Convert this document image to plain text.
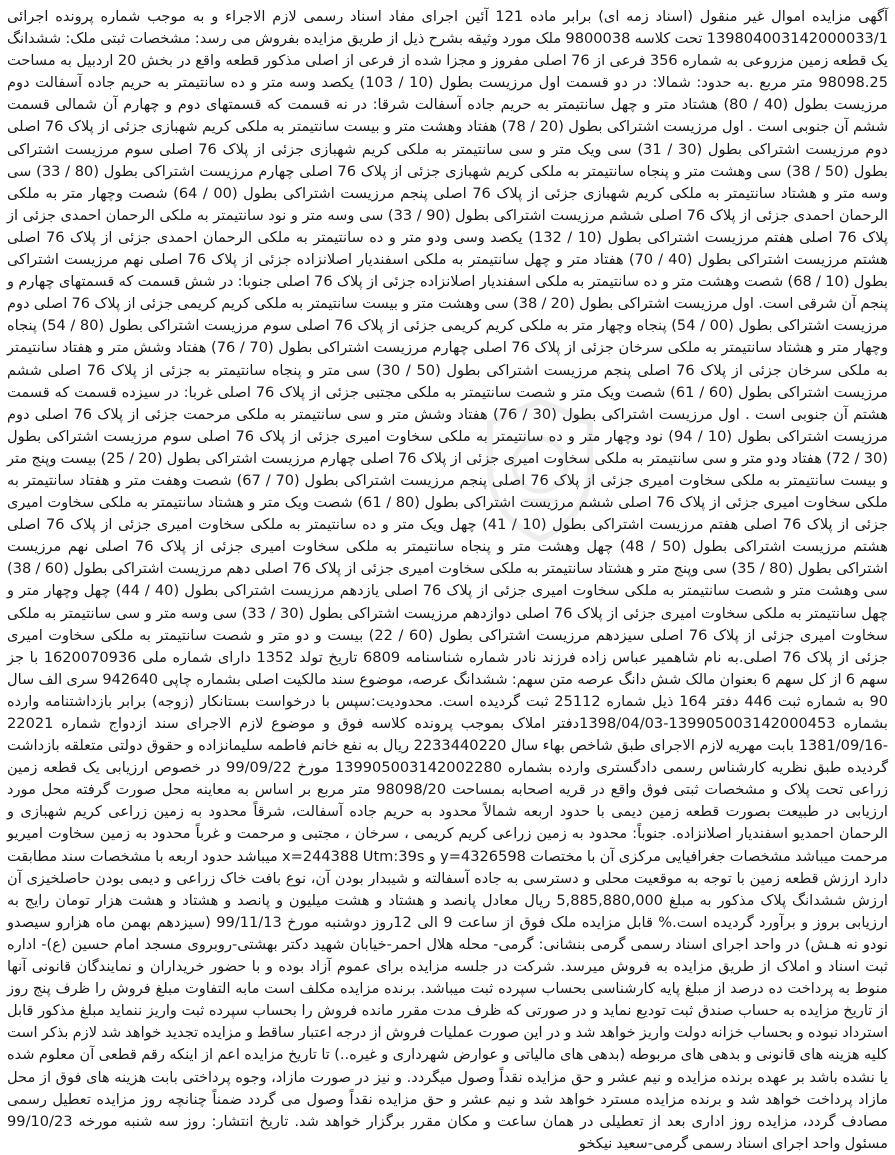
آگهی مزایده اموال غیر منقول (اسناد زمه ای) برابر ماده 121 آئین اجرای مفاد اسناد رسمی لازم الاجراء و به موجب شماره پرونده اجرائی 139804003142000033/1 تحت کلاسه 9800038 ملک مورد وثیقه بشرح ذیل از طریق مزایده بفروش می رسد: مشخصات ثبتی ملک: ششدانگ یک قطعه زمین مزروعی به شماره 356 فرعی از 76 اصلی مفروز و مجزا شده از فرعی از اصلی مذکور قطعه واقع در بخش 20 اردبیل به مساحت 98098.25 متر مربع .به حدود: شمالا: در دو قسمت اول مرزیست بطول (10 / 103) یکصد وسه متر و ده سانتیمتر به حریم جاده آسفالت دوم مرزیست بطول (40 / 80) هشتاد متر و چهل سانتیمتر به حریم جاده آسفالت شرقا: در نه قسمت که قسمتهای دوم و چهارم آن شمالی قسمت ششم آن جنوبی است . اول مرزیست اشتراکی بطول (20 / 78) هفتاد وهشت متر و بیست سانتیمتر به ملکی کریم شهبازی جزئی از پلاک 76 اصلی دوم مرزیست اشتراکی بطول (30 / 31) سی ویک متر و سی سانتیمتر به ملکی کریم شهبازی جزئی از پلاک 76 اصلی سوم مرزیست اشتراکی بطول (50 / 38) سی وهشت متر و پنجاه سانتیمتر به ملکی کریم شهبازی جزئی از پلاک 76 اصلی چهارم مرزیست اشتراکی بطول (80 / 33) سی وسه متر و هشتاد سانتیمتر به ملکی کریم شهبازی جزئی از پلاک 76 اصلی پنجم مرزیست اشتراکی بطول (00 / 64) شصت وچهار متر به ملکی الرحمان احمدی جزئی از پلاک 76 اصلی ششم مرزیست اشتراکی بطول (90 / 33) سی وسه متر و نود سانتیمتر به ملکی الرحمان احمدی جزئی از پلاک 76 اصلی هفتم مرزیست اشتراکی بطول (10 / 132) یکصد وسی ودو متر و ده سانتیمتر به ملکی الرحمان احمدی جزئی از پلاک 76 اصلی هشتم مرزیست اشتراکی بطول (40 / 70) هفتاد متر و چهل سانتیمتر به ملکی اسفندیار اصلانزاده جزئی از پلاک 76 اصلی نهم مرزیست اشتراکی بطول (10 / 68) شصت وهشت متر و ده سانتیمتر به ملکی اسفندیار اصلانزاده جزئی از پلاک 76 اصلی جنوبا: در شش قسمت که قسمتهای چهارم و پنجم آن شرقی است. اول مرزیست اشتراکی بطول (20 / 38) سی وهشت متر و بیست سانتیمتر به ملکی کریم کریمی جزئی از پلاک 76 اصلی دوم مرزیست اشتراکی بطول (00 / 54) پنجاه وچهار متر به ملکی کریم کریمی جزئی از پلاک 76 اصلی سوم مرزیست اشتراکی بطول (80 / 54) پنجاه وچهار متر و هشتاد سانتیمتر به ملکی سرخان جزئی از پلاک 76 اصلی چهارم مرزیست اشتراکی بطول (70 / 76) هفتاد وشش متر و هفتاد سانتیمتر به ملکی سرخان جزئی از پلاک 76 اصلی پنجم مرزیست اشتراکی بطول (50 / 30) سی متر و پنجاه سانتیمتر به جزئی از پلاک 76 اصلی ششم مرزیست اشتراکی بطول (60 / 61) شصت ویک متر و شصت سانتیمتر به ملکی مجتبی جزئی از پلاک 76 اصلی غربا: در سیزده قسمت که قسمت هشتم آن جنوبی است . اول مرزیست اشتراکی بطول (30 / 76) هفتاد وشش متر و سی سانتیمتر به ملکی مرحمت جزئی از پلاک 76 اصلی دوم مرزیست اشتراکی بطول (10 / 94) نود وچهار متر و ده سانتیمتر به ملکی سخاوت امیری جزئی از پلاک 76 اصلی سوم مرزیست اشتراکی بطول (30 / 72) هفتاد ودو متر و سی سانتیمتر به ملکی سخاوت امیری جزئی از پلاک 76 اصلی چهارم مرزیست اشتراکی بطول (20 / 25) بیست وپنج متر و بیست سانتیمتر به ملکی سخاوت امیری جزئی از پلاک 76 اصلی پنجم مرزیست اشتراکی بطول (70 / 67) شصت وهفت متر و هفتاد سانتیمتر به ملکی سخاوت امیری جزئی از پلاک 76 اصلی ششم مرزیست اشتراکی بطول (80 / 61) شصت ویک متر و هشتاد سانتیمتر به ملکی سخاوت امیری جزئی از پلاک 76 اصلی هفتم مرزیست اشتراکی بطول (10 / 41) چهل ویک متر و ده سانتیمتر به ملکی سخاوت امیری جزئی از پلاک 76 اصلی هشتم مرزیست اشتراکی بطول (50 / 48) چهل وهشت متر و پنجاه سانتیمتر به ملکی سخاوت امیری جزئی از پلاک 76 اصلی نهم مرزیست اشتراکی بطول (80 / 35) سی وپنج متر و هشتاد سانتیمتر به ملکی سخاوت امیری جزئی از پلاک 76 اصلی دهم مرزیست اشتراکی بطول (60 / 38) سی وهشت متر و شصت سانتیمتر به ملکی سخاوت امیری جزئی از پلاک 76 اصلی یازدهم مرزیست اشتراکی بطول (40 / 44) چهل وچهار متر و چهل سانتیمتر به ملکی سخاوت امیری جزئی از پلاک 76 اصلی دوازدهم مرزیست اشتراکی بطول (30 / 33) سی وسه متر و سی سانتیمتر به ملکی سخاوت امیری جزئی از پلاک 76 اصلی سیزدهم مرزیست اشتراکی بطول (60 / 22) بیست و دو متر و شصت سانتیمتر به ملکی سخاوت امیری جزئی از پلاک 76 اصلی.به نام شاهمیر عباس زاده فرزند نادر شماره شناسنامه 6809 تاریخ تولد 1352 دارای شماره ملی 1620070936 با جز سهم 6 از کل سهم 6 بعنوان مالک شش دانگ عرصه متن سهم: ششدانگ عرصه، موضوع سند مالکیت اصلی بشماره چاپی 942640 سری الف سال 90 به شماره ثبت 446 دفتر 164 ذیل شماره 25112 ثبت گردیده است. محدودیت:سپس با درخواست بستانکار (زوجه) برابر بازداشتنامه وارده بشماره 139905003142000453-1398/04/03دفتر املاک بموجب پرونده کلاسه فوق و موضوع لازم الاجرای سند ازدواج شماره 22021 -1381/09/16 بابت مهریه لازم الاجرای طبق شاخص بهاء سال 2233440220 ریال به نفع خانم فاطمه سلیمانزاده و حقوق دولتی متعلقه بازداشت گردیده طبق نظریه کارشناس رسمی دادگستری وارده بشماره 139905003142002280 مورخ 99/09/22 در خصوص ارزیابی یک قطعه زمین زراعی تحت پلاک و مشخصات ثبتی فوق واقع در قریه اصحابه بمساحت 98098/20 متر مربع بر اساس به معاینه محل صورت گرفته محل مورد ارزیابی در طبیعت بصورت قطعه زمین دیمی با حدود اربعه شمالاً محدود به حریم جاده آسفالت، شرقاً محدود به زمین زراعی کریم شهبازی و الرحمان احمدیو اسفندیار اصلانزاده. جنوباً: محدود به زمین زراعی کریم کریمی ، سرخان ، مجتبی و مرحمت و غرباً محدود به زمین سخاوت امیریو مرحمت میباشد مشخصات جغرافیایی مرکزی آن با مختصات y=4326598 و x=244388 Utm:39s میباشد حدود اربعه با مشخصات سند مطابقت دارد ارزش قطعه زمین با توجه به موقعیت محلی و دسترسی به جاده آسفالته و شیبدار بودن آن، نوع بافت خاک زراعی و دیمی بودن حاصلخیزی آن ارزش ششدانگ پلاک مذکور به مبلغ 5,885,880,000 ریال معادل پانصد و هشتاد و هشت میلیون و پانصد و هشتاد و هشت هزار تومان رایج به ارزیابی بروز و برآورد گردیده است.% قابل مزایده ملک فوق از ساعت 9 الی 12روز دوشنبه مورخ 99/11/13 (سیزدهم بهمن ماه هزارو سیصدو نودو نه هـش) در واحد اجرای اسناد رسمی گرمی بنشانی: گرمی- محله هلال احمر-خیابان شهید دکتر بهشتی-روبروی مسجد امام حسین (ع)- اداره ثبت اسناد و املاک از طریق مزایده به فروش میرسد. شرکت در جلسه مزایده برای عموم آزاد بوده و با حضور خریداران و نمایندگان قانونی آنها منوط به پرداخت ده درصد از مبلغ پایه کارشناسی بحساب سپرده ثبت میباشد. برنده مزایده مکلف است مابه التفاوت مبلغ فروش را ظرف پنج روز از تاریخ مزایده به حساب صندق ثبت تودیع نماید و در صورتی که ظرف مدت مقرر مانده فروش را بحساب سپرده ثبت واریز ننماید مبلغ مذکور قابل استرداد نبوده و بحساب خزانه دولت واریز خواهد شد و در این صورت عملیات فروش از درجه اعتبار ساقط و مزایده تجدید خواهد شد لازم بذکر است کلیه هزینه های قانونی و بدهی های مربوطه (بدهی های مالیاتی و عوارض شهرداری و غیره..) تا تاریخ مزایده اعم از اینکه رقم قطعی آن معلوم شده یا نشده باشد بر عهده برنده مزایده و نیم عشر و حق مزایده نقداً وصول میگردد. و نیز در صورت مازاد، وجوه پرداختی بابت هزینه های فوق از محل مازاد پرداخت خواهد شد و برنده مزایده مسترد خواهد شد و نیم عشر و حق مزایده نقداً وصول می گردد ضمناً چنانچه روز مزایده تعطیل رسمی مصادف گردد، مزایده روز اداری بعد از تعطیلی در همان ساعت و مکان مقرر برگزار خواهد شد. تاریخ انتشار: روز سه شنبه مورخه 99/10/23 مسئول واحد اجرای اسناد رسمی گرمی-سعید نیکخو
